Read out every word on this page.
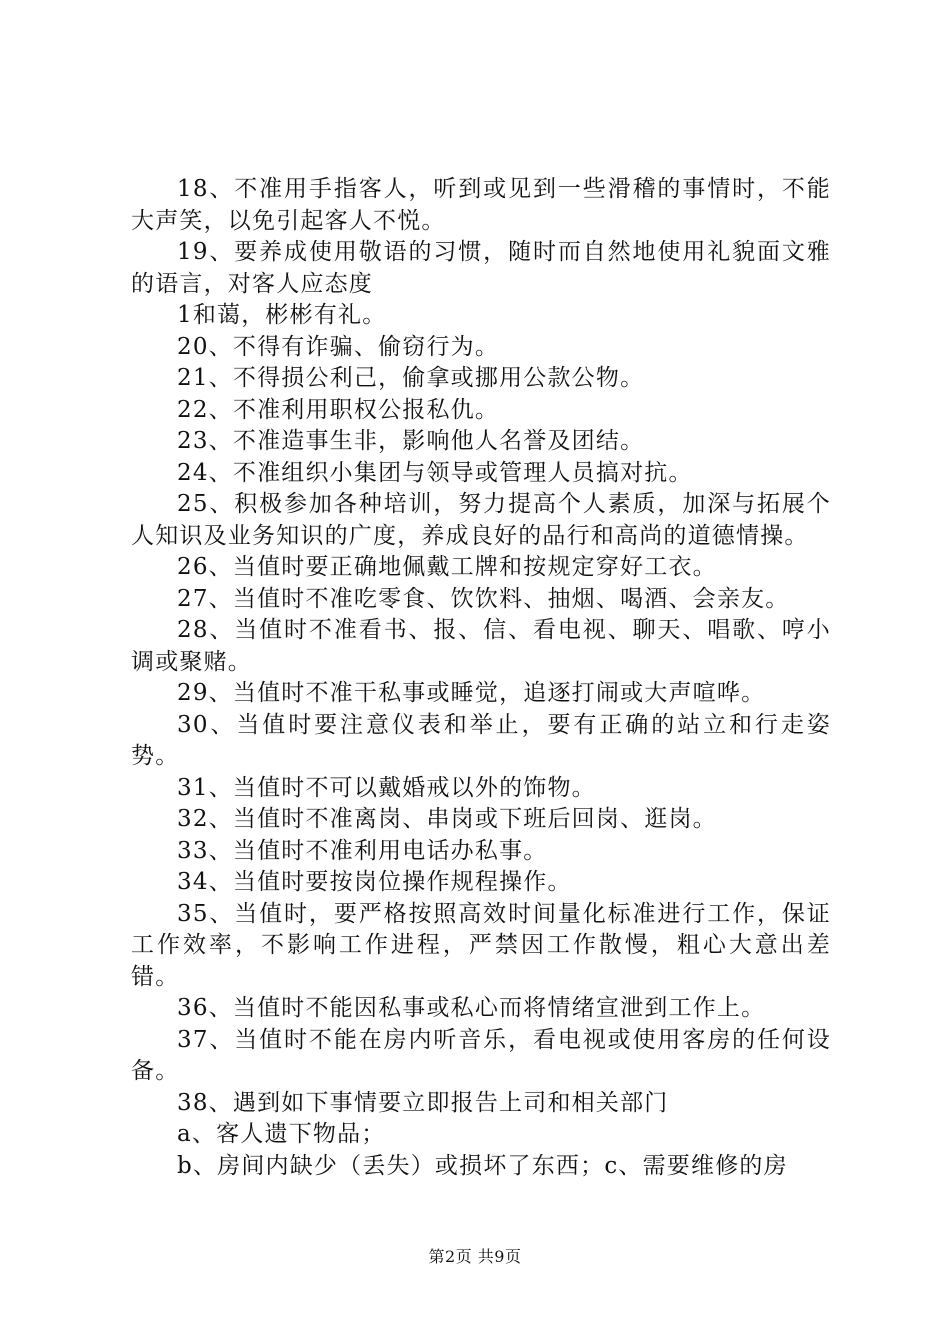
18、不准用手指客人，听到或见到一些滑稽的事情时，不能大声笑，以免引起客人不悦。

19、要养成使用敬语的习惯，随时而自然地使用礼貌面文雅的语言，对客人应态度

1和蔼，彬彬有礼。

20、不得有诈骗、偷窃行为。

21、不得损公利己，偷拿或挪用公款公物。

22、不准利用职权公报私仇。

23、不准造事生非，影响他人名誉及团结。

24、不准组织小集团与领导或管理人员搞对抗。

25、积极参加各种培训，努力提高个人素质，加深与拓展个人知识及业务知识的广度，养成良好的品行和高尚的道德情操。

26、当值时要正确地佩戴工牌和按规定穿好工衣。

27、当值时不准吃零食、饮饮料、抽烟、喝酒、会亲友。

28、当值时不准看书、报、信、看电视、聊天、唱歌、哼小调或聚赌。

29、当值时不准干私事或睡觉，追逐打闹或大声喧哗。

30、当值时要注意仪表和举止，要有正确的站立和行走姿势。

31、当值时不可以戴婚戒以外的饰物。

32、当值时不准离岗、串岗或下班后回岗、逛岗。

33、当值时不准利用电话办私事。

34、当值时要按岗位操作规程操作。

35、当值时，要严格按照高效时间量化标准进行工作，保证工作效率，不影响工作进程，严禁因工作散慢，粗心大意出差错。

36、当值时不能因私事或私心而将情绪宣泄到工作上。

37、当值时不能在房内听音乐，看电视或使用客房的任何设备。

38、遇到如下事情要立即报告上司和相关部门

a、客人遗下物品；

b、房间内缺少（丢失）或损坏了东西；c、需要维修的房

第2页 共9页
